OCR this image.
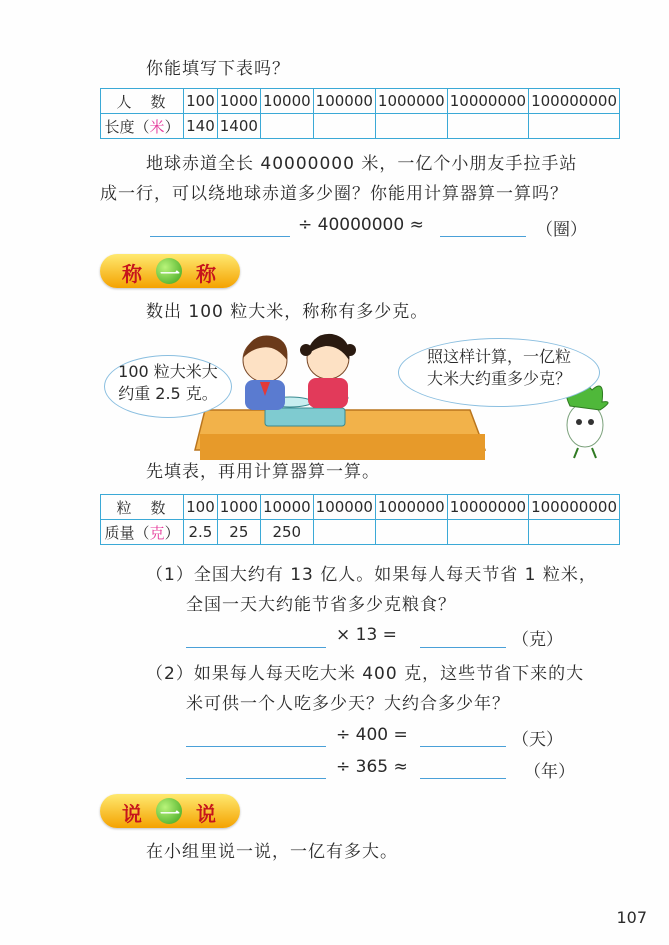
你能填写下表吗？
人　数	100	1000	10000	100000	1000000	10000000	100000000
长度（米）	140	1400					
地球赤道全长 40000000 米，一亿个小朋友手拉手站
成一行，可以绕地球赤道多少圈？你能用计算器算一算吗？
÷ 40000000 ≈	（圈）
称 一 称
数出 100 粒大米，称称有多少克。
100 粒大米大
约重 2.5 克。
照这样计算，一亿粒
大米大约重多少克？
先填表，再用计算器算一算。
粒　数	100	1000	10000	100000	1000000	10000000	100000000
质量（克）	2.5	25	250				
（1）全国大约有 13 亿人。如果每人每天节省 1 粒米，
全国一天大约能节省多少克粮食？
× 13 =	（克）
（2）如果每人每天吃大米 400 克，这些节省下来的大
米可供一个人吃多少天？大约合多少年？
÷ 400 =	（天）
÷ 365 ≈	（年）
说 一 说
在小组里说一说，一亿有多大。
107
